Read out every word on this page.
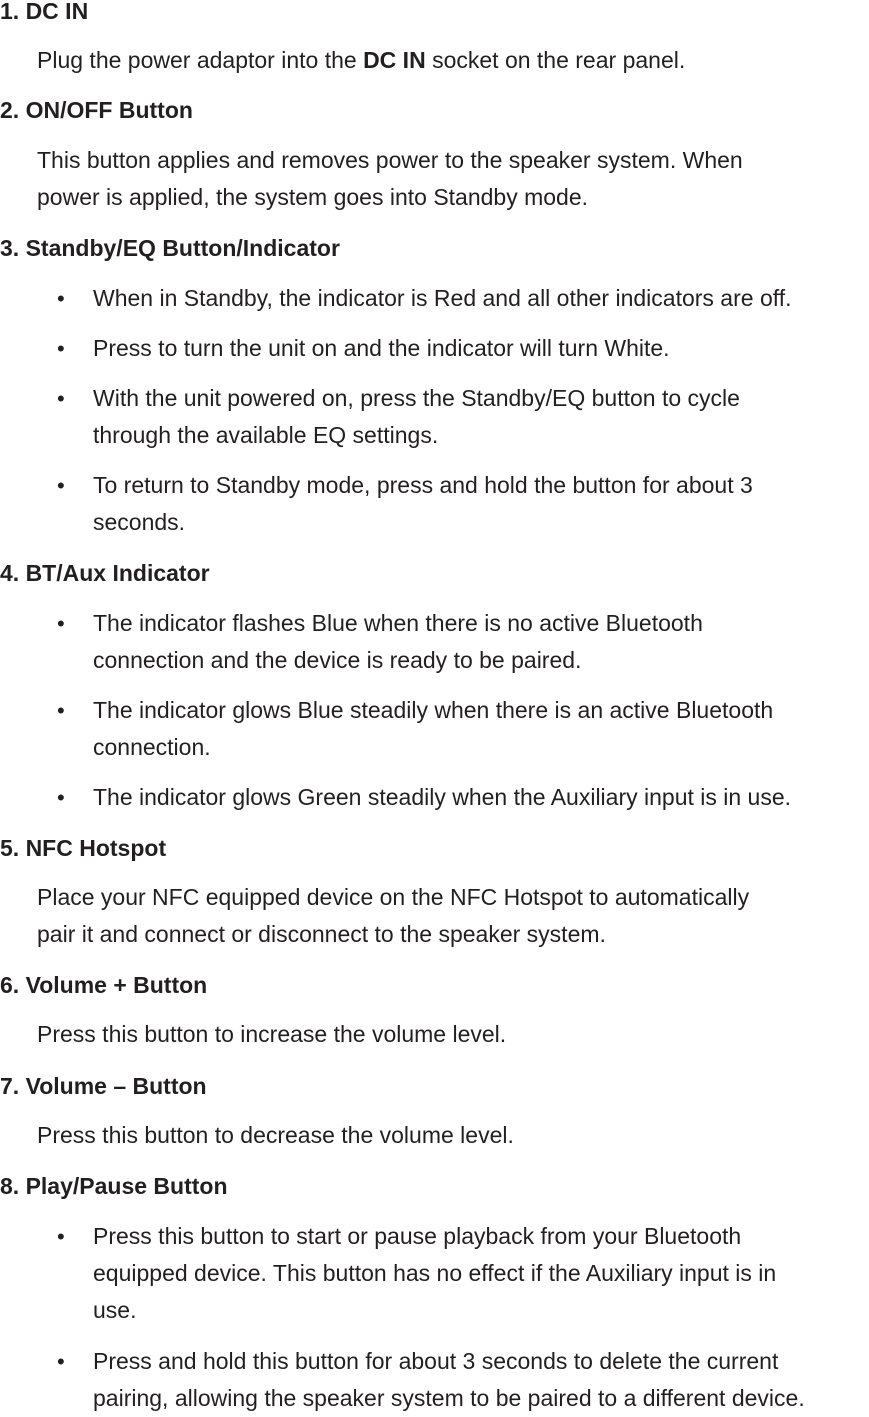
1. DC IN
Plug the power adaptor into the DC IN socket on the rear panel.
2. ON/OFF Button
This button applies and removes power to the speaker system. When
power is applied, the system goes into Standby mode.
3. Standby/EQ Button/Indicator
• When in Standby, the indicator is Red and all other indicators are off.
• Press to turn the unit on and the indicator will turn White.
• With the unit powered on, press the Standby/EQ button to cycle
through the available EQ settings.
• To return to Standby mode, press and hold the button for about 3
seconds.
4. BT/Aux Indicator
• The indicator flashes Blue when there is no active Bluetooth
connection and the device is ready to be paired.
• The indicator glows Blue steadily when there is an active Bluetooth
connection.
• The indicator glows Green steadily when the Auxiliary input is in use.
5. NFC Hotspot
Place your NFC equipped device on the NFC Hotspot to automatically
pair it and connect or disconnect to the speaker system.
6. Volume + Button
Press this button to increase the volume level.
7. Volume – Button
Press this button to decrease the volume level.
8. Play/Pause Button
• Press this button to start or pause playback from your Bluetooth
equipped device. This button has no effect if the Auxiliary input is in
use.
• Press and hold this button for about 3 seconds to delete the current
pairing, allowing the speaker system to be paired to a different device.
